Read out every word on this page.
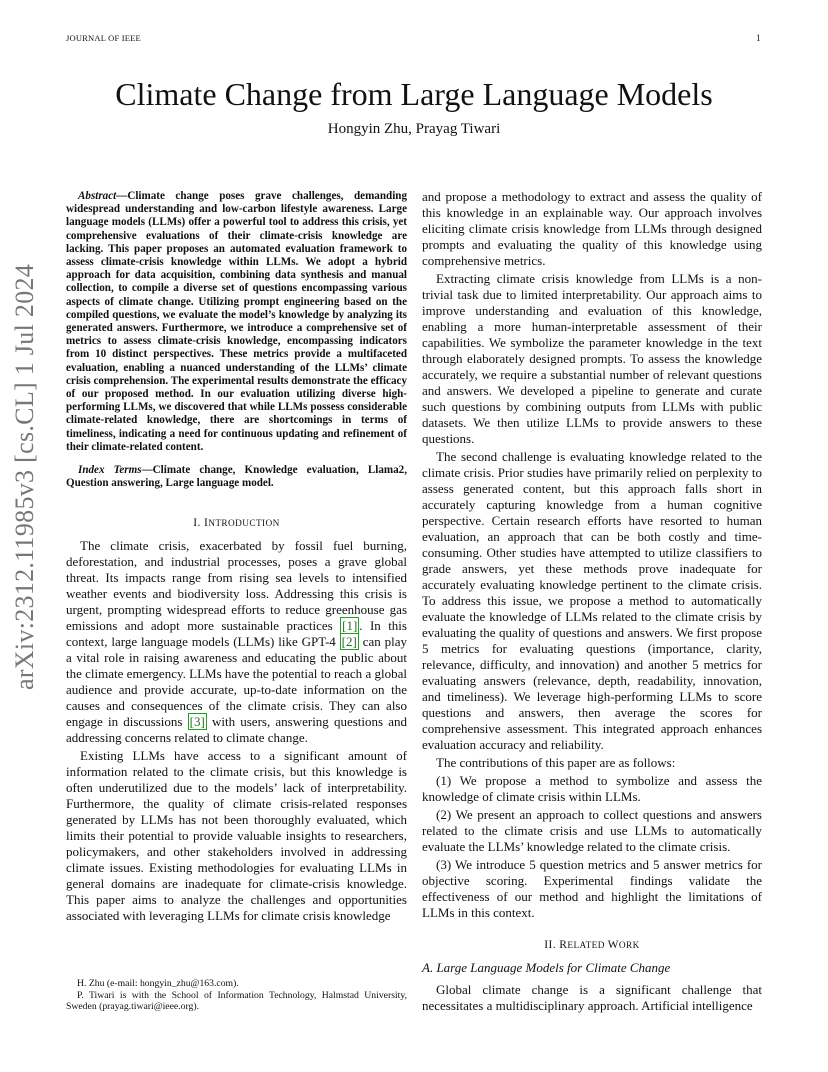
JOURNAL OF IEEE	1
Climate Change from Large Language Models
Hongyin Zhu, Prayag Tiwari
arXiv:2312.11985v3 [cs.CL] 1 Jul 2024

Abstract—Climate change poses grave challenges, demanding widespread understanding and low-carbon lifestyle awareness. Large language models (LLMs) offer a powerful tool to address this crisis, yet comprehensive evaluations of their climate-crisis knowledge are lacking. This paper proposes an automated evaluation framework to assess climate-crisis knowledge within LLMs. We adopt a hybrid approach for data acquisition, combining data synthesis and manual collection, to compile a diverse set of questions encompassing various aspects of climate change. Utilizing prompt engineering based on the compiled questions, we evaluate the model’s knowledge by analyzing its generated answers. Furthermore, we introduce a comprehensive set of metrics to assess climate-crisis knowledge, encompassing indicators from 10 distinct perspectives. These metrics provide a multifaceted evaluation, enabling a nuanced understanding of the LLMs’ climate crisis comprehension. The experimental results demonstrate the efficacy of our proposed method. In our evaluation utilizing diverse high-performing LLMs, we discovered that while LLMs possess considerable climate-related knowledge, there are shortcomings in terms of timeliness, indicating a need for continuous updating and refinement of their climate-related content.

Index Terms—Climate change, Knowledge evaluation, Llama2, Question answering, Large language model.

I. INTRODUCTION

The climate crisis, exacerbated by fossil fuel burning, deforestation, and industrial processes, poses a grave global threat. Its impacts range from rising sea levels to intensified weather events and biodiversity loss. Addressing this crisis is urgent, prompting widespread efforts to reduce greenhouse gas emissions and adopt more sustainable practices [1] . In this context, large language models (LLMs) like GPT-4 [2] can play a vital role in raising awareness and educating the public about the climate emergency. LLMs have the potential to reach a global audience and provide accurate, up-to-date information on the causes and consequences of the climate crisis. They can also engage in discussions [3] with users, answering questions and addressing concerns related to climate change.

Existing LLMs have access to a significant amount of information related to the climate crisis, but this knowledge is often underutilized due to the models’ lack of interpretability. Furthermore, the quality of climate crisis-related responses generated by LLMs has not been thoroughly evaluated, which limits their potential to provide valuable insights to researchers, policymakers, and other stakeholders involved in addressing climate issues. Existing methodologies for evaluating LLMs in general domains are inadequate for climate-crisis knowledge. This paper aims to analyze the challenges and opportunities associated with leveraging LLMs for climate crisis knowledge

H. Zhu (e-mail: hongyin_zhu@163.com).

P. Tiwari is with the School of Information Technology, Halmstad University, Sweden (prayag.tiwari@ieee.org).

and propose a methodology to extract and assess the quality of this knowledge in an explainable way. Our approach involves eliciting climate crisis knowledge from LLMs through designed prompts and evaluating the quality of this knowledge using comprehensive metrics.

Extracting climate crisis knowledge from LLMs is a non-trivial task due to limited interpretability. Our approach aims to improve understanding and evaluation of this knowledge, enabling a more human-interpretable assessment of their capabilities. We symbolize the parameter knowledge in the text through elaborately designed prompts. To assess the knowledge accurately, we require a substantial number of relevant questions and answers. We developed a pipeline to generate and curate such questions by combining outputs from LLMs with public datasets. We then utilize LLMs to provide answers to these questions.

The second challenge is evaluating knowledge related to the climate crisis. Prior studies have primarily relied on perplexity to assess generated content, but this approach falls short in accurately capturing knowledge from a human cognitive perspective. Certain research efforts have resorted to human evaluation, an approach that can be both costly and time-consuming. Other studies have attempted to utilize classifiers to grade answers, yet these methods prove inadequate for accurately evaluating knowledge pertinent to the climate crisis. To address this issue, we propose a method to automatically evaluate the knowledge of LLMs related to the climate crisis by evaluating the quality of questions and answers. We first propose 5 metrics for evaluating questions (importance, clarity, relevance, difficulty, and innovation) and another 5 metrics for evaluating answers (relevance, depth, readability, innovation, and timeliness). We leverage high-performing LLMs to score questions and answers, then average the scores for comprehensive assessment. This integrated approach enhances evaluation accuracy and reliability.

The contributions of this paper are as follows:

(1) We propose a method to symbolize and assess the knowledge of climate crisis within LLMs.

(2) We present an approach to collect questions and answers related to the climate crisis and use LLMs to automatically evaluate the LLMs’ knowledge related to the climate crisis.

(3) We introduce 5 question metrics and 5 answer metrics for objective scoring. Experimental findings validate the effectiveness of our method and highlight the limitations of LLMs in this context.

II. RELATED WORK
A. Large Language Models for Climate Change

Global climate change is a significant challenge that necessitates a multidisciplinary approach. Artificial intelligence
